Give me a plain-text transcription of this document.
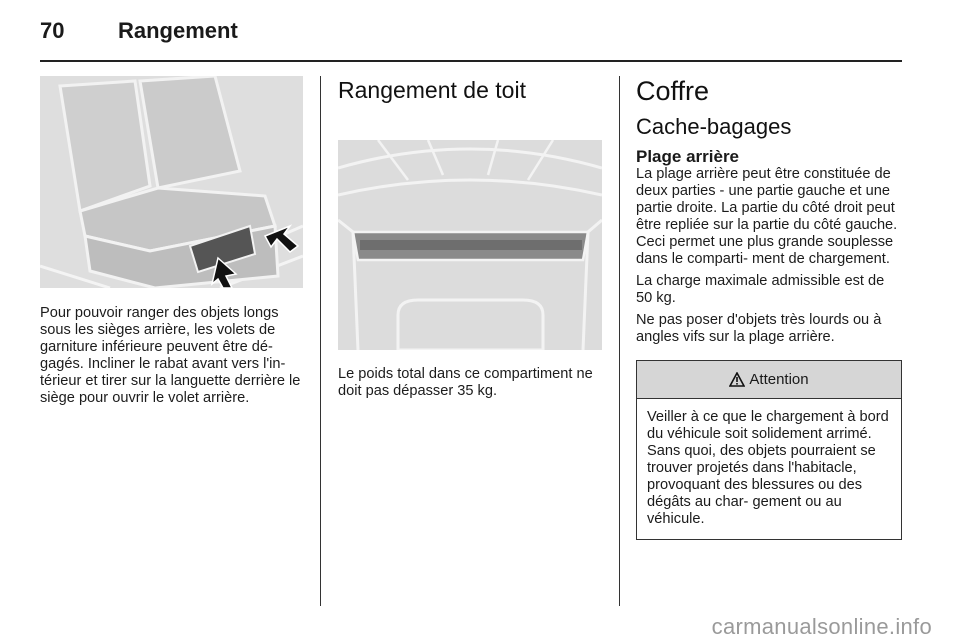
70 Rangement

Pour pouvoir ranger des objets longs sous les sièges arrière, les volets de garniture inférieure peuvent être dé- gagés. Incliner le rabat avant vers l'in- térieur et tirer sur la languette derrière le siège pour ouvrir le volet arrière.

Rangement de toit

Le poids total dans ce compartiment ne doit pas dépasser 35 kg.

Coffre
Cache-bagages
Plage arrière

La plage arrière peut être constituée de deux parties - une partie gauche et une partie droite. La partie du côté droit peut être repliée sur la partie du côté gauche. Ceci permet une plus grande souplesse dans le comparti- ment de chargement.

La charge maximale admissible est de 50 kg.

Ne pas poser d'objets très lourds ou à angles vifs sur la plage arrière.

Attention
Veiller à ce que le chargement à bord du véhicule soit solidement arrimé. Sans quoi, des objets pourraient se trouver projetés dans l'habitacle, provoquant des blessures ou des dégâts au char- gement ou au véhicule.
carmanualsonline.info
